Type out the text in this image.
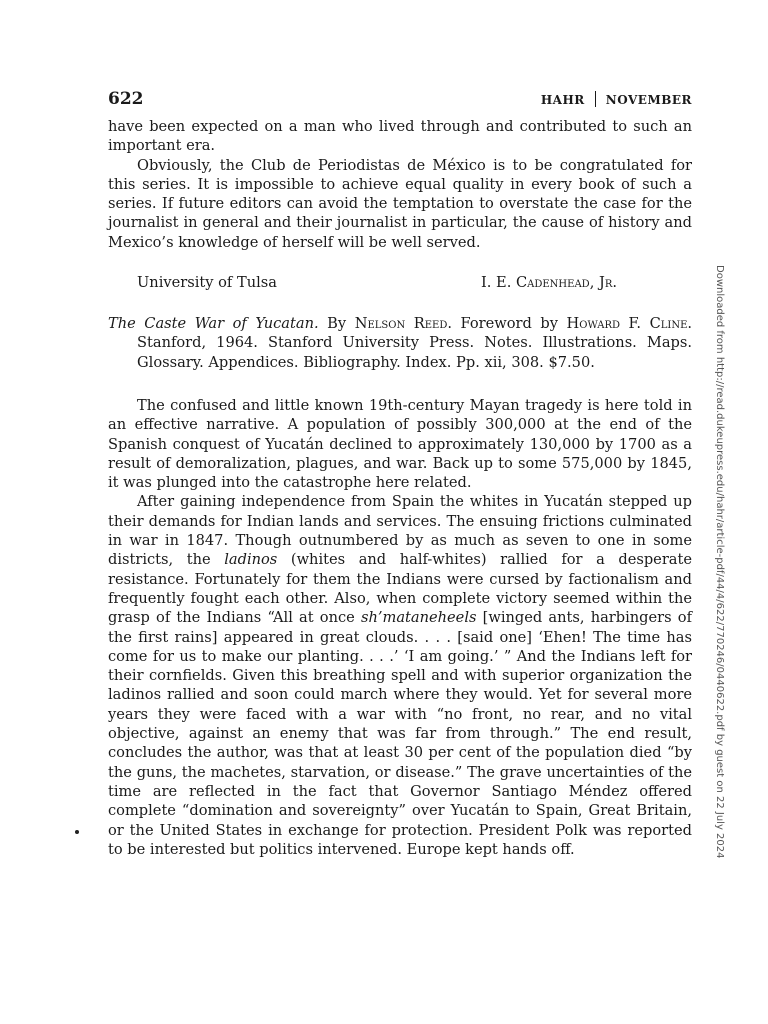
622	HAHR NOVEMBER

have been expected on a man who lived through and contributed to such an important era.

Obviously, the Club de Periodistas de México is to be congratulated for this series. It is impossible to achieve equal quality in every book of such a series. If future editors can avoid the temptation to overstate the case for the journalist in general and their journalist in particular, the cause of history and Mexico’s knowledge of herself will be well served.

University of Tulsa	I. E. Cadenhead, Jr.
The Caste War of Yucatan. By Nelson Reed. Foreword by Howard F. Cline. Stanford, 1964. Stanford University Press. Notes. Illustrations. Maps. Glossary. Appendices. Bibliography. Index. Pp. xii, 308. $7.50.

The confused and little known 19th-century Mayan tragedy is here told in an effective narrative. A population of possibly 300,000 at the end of the Spanish conquest of Yucatán declined to approximately 130,000 by 1700 as a result of demoralization, plagues, and war. Back up to some 575,000 by 1845, it was plunged into the catastrophe here related.

After gaining independence from Spain the whites in Yucatán stepped up their demands for Indian lands and services. The ensuing frictions culminated in war in 1847. Though outnumbered by as much as seven to one in some districts, the ladinos (whites and half-whites) rallied for a desperate resistance. Fortunately for them the Indians were cursed by factionalism and frequently fought each other. Also, when complete victory seemed within the grasp of the Indians “All at once sh’mataneheels [winged ants, harbingers of the first rains] appeared in great clouds. . . . [said one] ‘Ehen! The time has come for us to make our planting. . . .’ ‘I am going.’ ” And the Indians left for their cornfields. Given this breathing spell and with superior organization the ladinos rallied and soon could march where they would. Yet for several more years they were faced with a war with “no front, no rear, and no vital objective, against an enemy that was far from through.” The end result, concludes the author, was that at least 30 per cent of the population died “by the guns, the machetes, starvation, or disease.” The grave uncertainties of the time are reflected in the fact that Governor Santiago Méndez offered complete “domination and sovereignty” over Yucatán to Spain, Great Britain, or the United States in exchange for protection. President Polk was reported to be interested but politics intervened. Europe kept hands off.	Downloaded from http://read.dukeupress.edu/hahr/article-pdf/44/4/622/770246/0440622.pdf by guest on 22 July 2024
